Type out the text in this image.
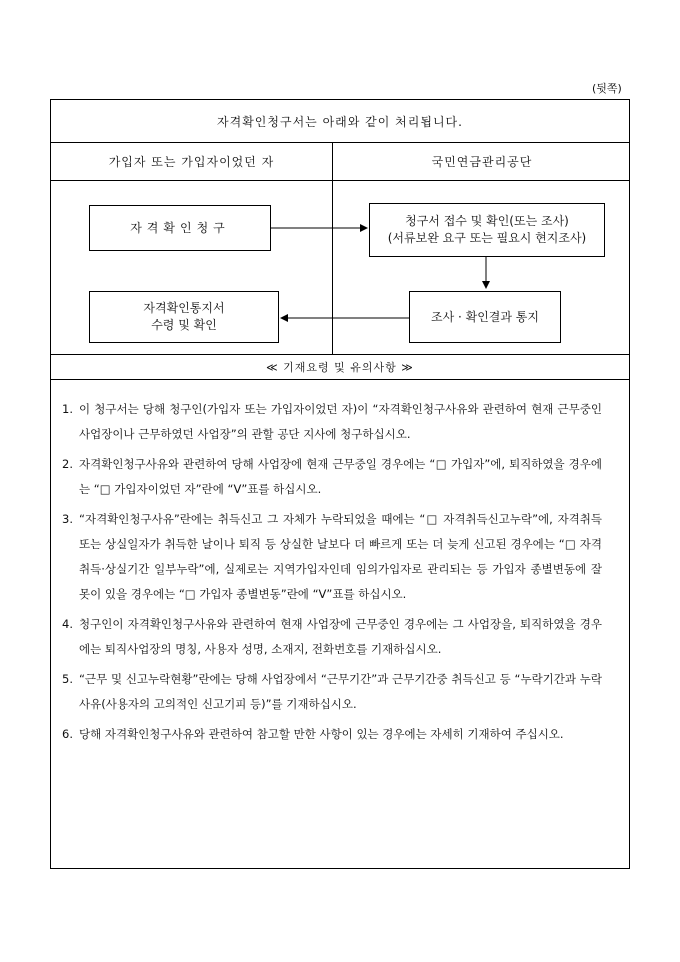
(뒷쪽)
자격확인청구서는 아래와 같이 처리됩니다.
가입자 또는 가입자이었던 자	국민연금관리공단
자격확인청구	청구서 접수 및 확인(또는 조사)
(서류보완 요구 또는 필요시 현지조사)
조사 · 확인결과 통지
자격확인통지서
수령 및 확인
≪ 기재요령 및 유의사항 ≫
1. 이 청구서는 당해 청구인(가입자 또는 가입자이었던 자)이 “자격확인청구사유와 관련하여 현재 근무중인 사업장이나 근무하였던 사업장”의 관할 공단 지사에 청구하십시오.
2. 자격확인청구사유와 관련하여 당해 사업장에 현재 근무중일 경우에는 “□ 가입자”에, 퇴직하였을 경우에는 “□ 가입자이었던 자”란에 “V”표를 하십시오.
3. “자격확인청구사유”란에는 취득신고 그 자체가 누락되었을 때에는 “□ 자격취득신고누락”에, 자격취득 또는 상실일자가 취득한 날이나 퇴직 등 상실한 날보다 더 빠르게 또는 더 늦게 신고된 경우에는 “□ 자격취득·상실기간 일부누락”에, 실제로는 지역가입자인데 임의가입자로 관리되는 등 가입자 종별변동에 잘못이 있을 경우에는 “□ 가입자 종별변동”란에 “V”표를 하십시오.
4. 청구인이 자격확인청구사유와 관련하여 현재 사업장에 근무중인 경우에는 그 사업장을, 퇴직하였을 경우에는 퇴직사업장의 명칭, 사용자 성명, 소재지, 전화번호를 기재하십시오.
5. “근무 및 신고누락현황”란에는 당해 사업장에서 “근무기간”과 근무기간중 취득신고 등 “누락기간과 누락사유(사용자의 고의적인 신고기피 등)”를 기재하십시오.
6. 당해 자격확인청구사유와 관련하여 참고할 만한 사항이 있는 경우에는 자세히 기재하여 주십시오.
